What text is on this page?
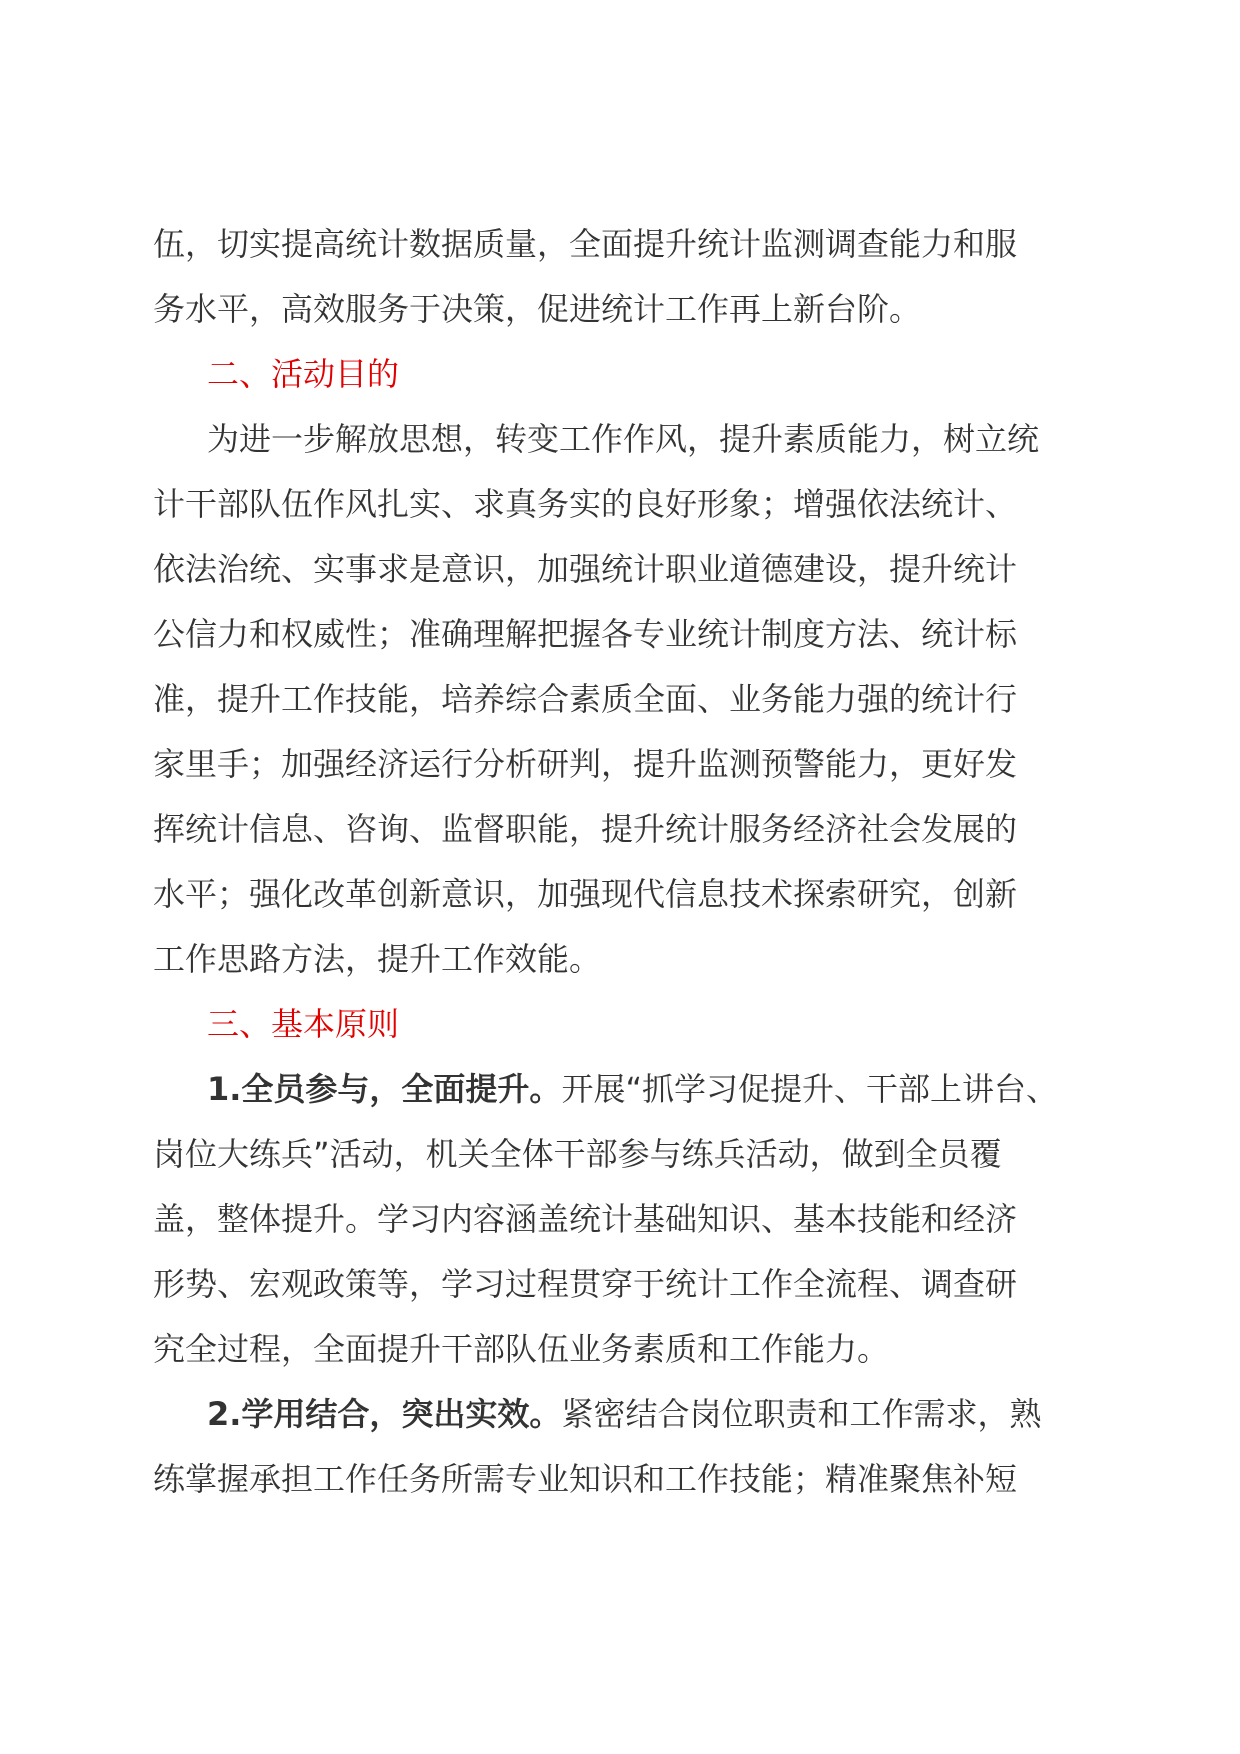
伍，切实提高统计数据质量，全面提升统计监测调查能力和服
务水平，高效服务于决策，促进统计工作再上新台阶。
二、活动目的
为进一步解放思想，转变工作作风，提升素质能力，树立统
计干部队伍作风扎实、求真务实的良好形象；增强依法统计、
依法治统、实事求是意识，加强统计职业道德建设，提升统计
公信力和权威性；准确理解把握各专业统计制度方法、统计标
准，提升工作技能，培养综合素质全面、业务能力强的统计行
家里手；加强经济运行分析研判，提升监测预警能力，更好发
挥统计信息、咨询、监督职能，提升统计服务经济社会发展的
水平；强化改革创新意识，加强现代信息技术探索研究，创新
工作思路方法，提升工作效能。
三、基本原则
1.全员参与，全面提升。开展“抓学习促提升、干部上讲台、
岗位大练兵”活动，机关全体干部参与练兵活动，做到全员覆
盖，整体提升。学习内容涵盖统计基础知识、基本技能和经济
形势、宏观政策等，学习过程贯穿于统计工作全流程、调查研
究全过程，全面提升干部队伍业务素质和工作能力。
2.学用结合，突出实效。紧密结合岗位职责和工作需求，熟
练掌握承担工作任务所需专业知识和工作技能；精准聚焦补短
